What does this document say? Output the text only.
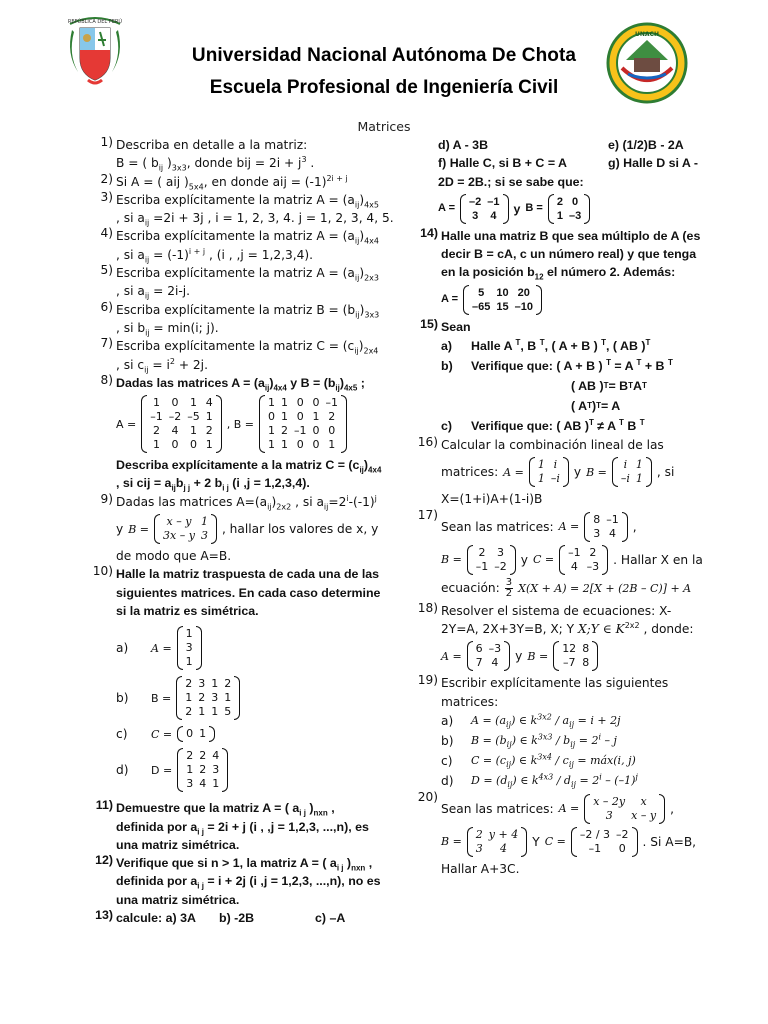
REPÚBLICA DEL PERÚ
UNACH
Universidad Nacional Autónoma De Chota
Escuela Profesional de Ingeniería Civil
Matrices
1) Describa en detalle a la matriz:
B = ( $b_{ij}$ )$_{3x3}$, donde bij = $2i + j^3$ .
2) Si A = ( aij )$_{5x4}$, en donde aij = $(-1)^{2i + j}$
3) Escriba explícitamente la matriz $A = (a_{ij})_{4x5}$
, si $a_{ij} =2i + 3j$ , i = 1, 2, 3, 4. j = 1, 2, 3, 4, 5.
4) Escriba explícitamente la matriz $A = (a_{ij})_{4x4}$
, si $a_{ij} = (-1)^{i + j}$ , (i , ,j = 1,2,3,4).
5) Escriba explícitamente la matriz $A = (a_{ij})_{2x3}$
, si $a_{ij} = 2i-j$.
6) Escriba explícitamente la matriz $B = (b_{ij})_{3x3}$
, si $b_{ij} = \min(i$; j).
7) Escriba explícitamente la matriz $C = (c_{ij})_{2x4}$
, si $c_{ij} = i^2 + 2j$.
8) Dadas las matrices $A = (a_{ij})_{4x4}$ y $B = (b_{ij})_{4x5}$ ;
A =
1	0	1	4
–1	–2	–5	1
2	4	1	2
1	0	0	1
, B =
1	1	0	0	–1
0	1	0	1	2
1	2	–1	0	0
1	1	0	0	1
Describa explícitamente a la matriz $C = (c_{ij})_{4x4}$
, si cij = $a_{ij}b_{j j} + 2$ $b_{i j}$ (i ,j = 1,2,3,4).
9) Dadas las matrices $A=(a_{ij})_{2x2}$ , si $a_{ij}=2^i-(-1)^j$
y B =
x – y	1
3x – y	3 , hallar los valores de x, y
de modo que A=B.
10) Halle la matriz traspuesta de cada una de las
siguientes matrices. En cada caso determine
si la matriz es simétrica.
a)	A =
1
3
1
b)	B =
2	3	1	2
1	2	3	1
2	1	1	5
c)	C = 0	1
d)	D =
2	2	4
1	2	3
3	4	1
11) Demuestre que la matriz A = ( $a_{i j}$ )$_{nxn}$ ,
definida por $a_{i j} = 2i + j$ (i , ,j = 1,2,3, ...,n), es
una matriz simétrica.
12) Verifique que si n > 1, la matriz A = ( $a_{i j}$ )$_{nxn}$ ,
definida por $a_{i j} = i + 2j$ (i ,j = 1,2,3, ...,n), no es
una matriz simétrica.
13) calcule: a) 3A	b) -2B	c) –A
d) A - 3B	e) (1/2)B - 2A
f) Halle C, si B + C = A	g) Halle D si A -
2D = 2B.; si se sabe que:
A =
–2	–1
3	4
y B =
2	0
1	–3
14) Halle una matriz B que sea múltiplo de A (es
decir B = cA, c un número real) y que tenga
en la posición $b_{12}$ el número 2. Además:
A =
5	10	20
–65	15	–10
15) Sean
a)	Halle A $^T$, B $^T$, ( A + B ) $^T$, ( AB )$^T$
b)	Verifique que: ( A + B ) $^T$ = A $^T$ + B $^T$
( AB ) T = B T A T
( A T ) T = A
c)	Verifique que: ( AB )$^T$ ≠ A $^T$ B $^T$
16) Calcular la combinación lineal de las
matrices: A =
1	i
1	–i y B =
i	1
–i	1 , si
X=(1+i)A+(1-i)B
17)
Sean las matrices: A =
8	–1
3	4 ,
B =
2	3
–1	–2 y C =
–1	2
4	–3 . Hallar X en la
ecuación: 3
2 X(X + A) = 2[X + (2B – C)] + A
18) Resolver el sistema de ecuaciones: X-
2Y=A, 2X+3Y=B, X; Y X;Y ∈ $K^{2x2}$ , donde:
A =
6	–3
7	4 y B =
12	8
–7	8
19) Escribir explícitamente las siguientes
matrices:
a)	$A = (a_{ij})$ ∈ $k^{3x2} / a_{ij} = i + 2j$
b)	$B = (b_{ij})$ ∈ $k^{3x3} / b_{ij} = 2^i - j$
c)	$C = (c_{ij})$ ∈ $k^{3x4} / c_{ij}$ = máx(i, j)
d)	$D = (d_{ij})$ ∈ $k^{4x3} / d_{ij} = 2^i - (-1)^j$
20)
Sean las matrices: A =
x – 2y	x
3	x – y ,
B =
2	y + 4
3	4 Y C =
–2 / 3	–2
–1	0 . Si A=B,
Hallar A+3C.
